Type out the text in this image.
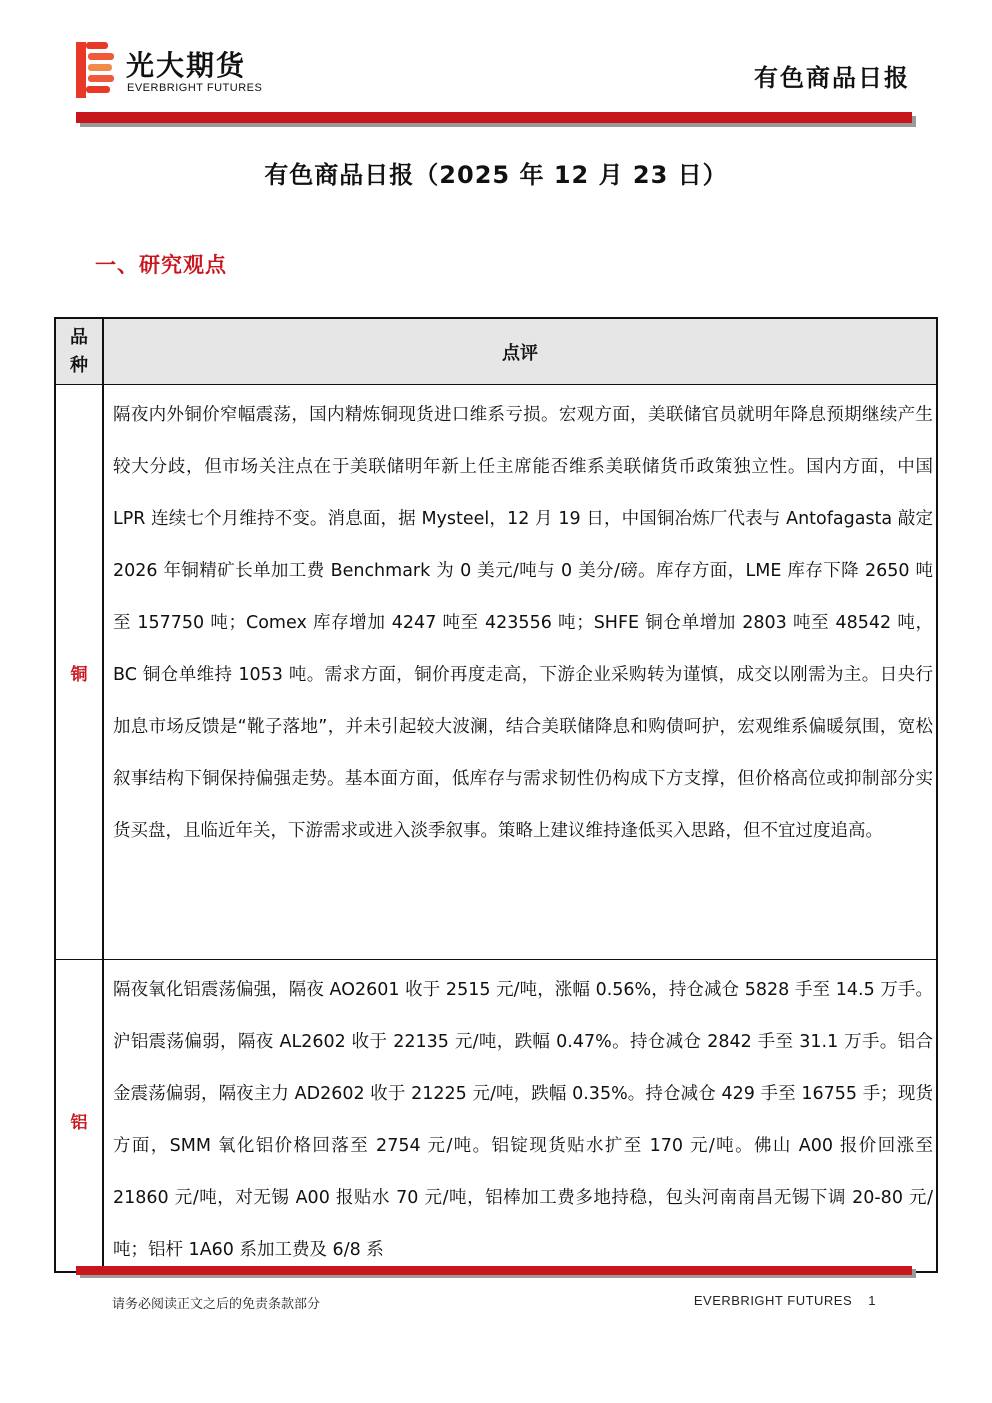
光大期货
EVERBRIGHT FUTURES	有色商品日报
有色商品日报（2025 年 12 月 23 日）
一、研究观点
品
种
点评
铜
隔夜内外铜价窄幅震荡，国内精炼铜现货进口维系亏损。宏观方面，美联储官员就明年降息预期继续产生较大分歧，但市场关注点在于美联储明年新上任主席能否维系美联储货币政策独立性。国内方面，中国 LPR 连续七个月维持不变。消息面，据 Mysteel，12 月 19 日，中国铜冶炼厂代表与 Antofagasta 敲定 2026 年铜精矿长单加工费 Benchmark 为 0 美元/吨与 0 美分/磅。库存方面，LME 库存下降 2650 吨至 157750 吨；Comex 库存增加 4247 吨至 423556 吨；SHFE 铜仓单增加 2803 吨至 48542 吨，BC 铜仓单维持 1053 吨。需求方面，铜价再度走高，下游企业采购转为谨慎，成交以刚需为主。日央行加息市场反馈是“靴子落地”，并未引起较大波澜，结合美联储降息和购债呵护，宏观维系偏暖氛围，宽松叙事结构下铜保持偏强走势。基本面方面，低库存与需求韧性仍构成下方支撑，但价格高位或抑制部分实货买盘，且临近年关，下游需求或进入淡季叙事。策略上建议维持逢低买入思路，但不宜过度追高。
铝
隔夜氧化铝震荡偏强，隔夜 AO2601 收于 2515 元/吨，涨幅 0.56%，持仓减仓 5828 手至 14.5 万手。沪铝震荡偏弱，隔夜 AL2602 收于 22135 元/吨，跌幅 0.47%。持仓减仓 2842 手至 31.1 万手。铝合金震荡偏弱，隔夜主力 AD2602 收于 21225 元/吨，跌幅 0.35%。持仓减仓 429 手至 16755 手；现货方面，SMM 氧化铝价格回落至 2754 元/吨。铝锭现货贴水扩至 170 元/吨。佛山 A00 报价回涨至 21860 元/吨，对无锡 A00 报贴水 70 元/吨，铝棒加工费多地持稳，包头河南南昌无锡下调 20-80 元/吨；铝杆 1A60 系加工费及 6/8 系
请务必阅读正文之后的免责条款部分	EVERBRIGHT FUTURES 1
